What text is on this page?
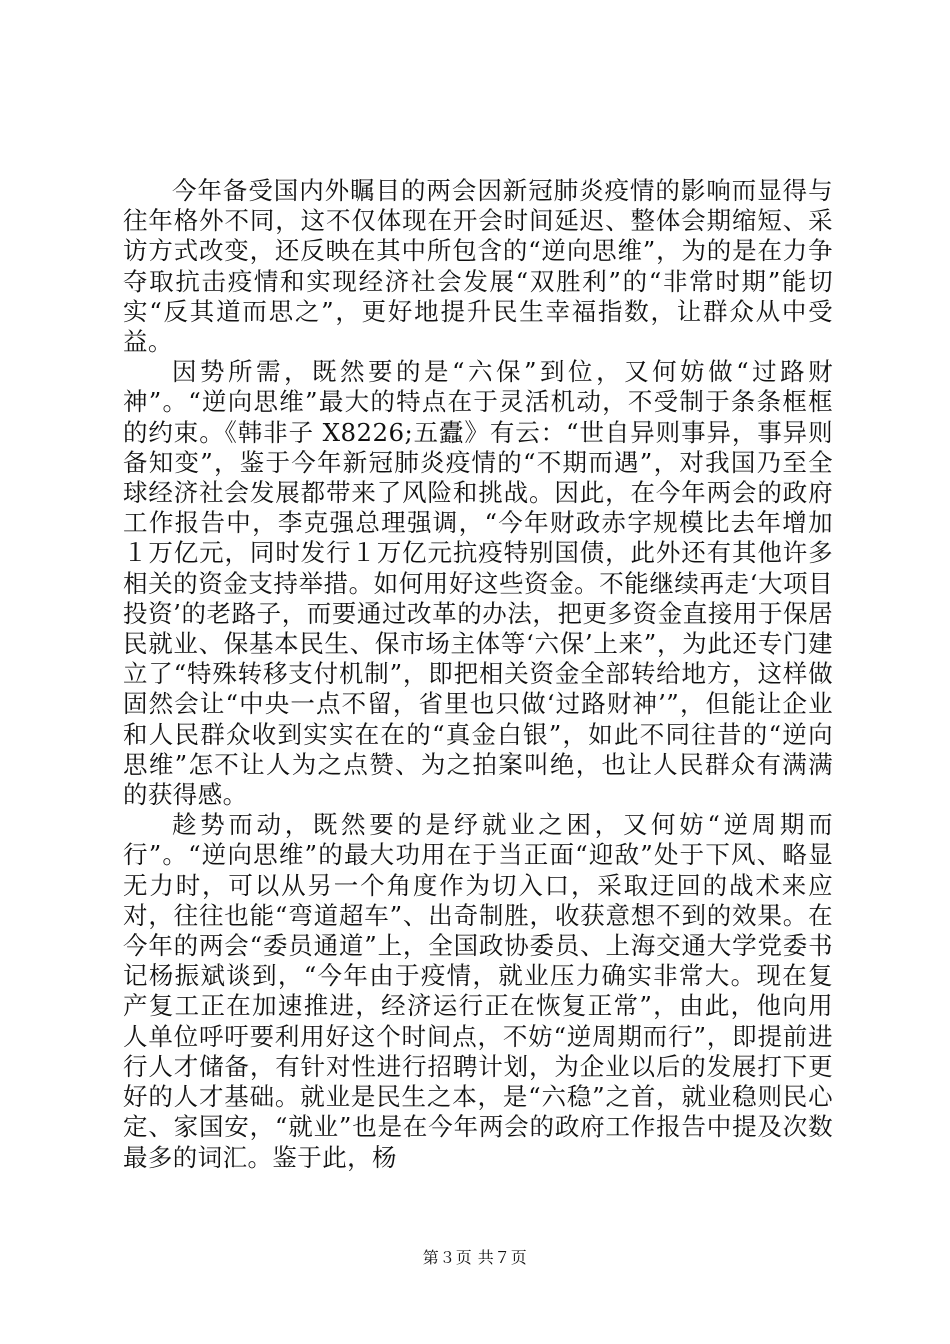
今年备受国内外瞩目的两会因新冠肺炎疫情的影响而显得与往年格外不同，这不仅体现在开会时间延迟、整体会期缩短、采访方式改变，还反映在其中所包含的“逆向思维”，为的是在力争夺取抗击疫情和实现经济社会发展“双胜利”的“非常时期”能切实“反其道而思之”，更好地提升民生幸福指数，让群众从中受益。

因势所需，既然要的是“六保”到位，又何妨做“过路财神”。“逆向思维”最大的特点在于灵活机动，不受制于条条框框的约束。《韩非子 X8226;五蠹》有云：“世自异则事异，事异则备知变”，鉴于今年新冠肺炎疫情的“不期而遇”，对我国乃至全球经济社会发展都带来了风险和挑战。因此，在今年两会的政府工作报告中，李克强总理强调，“今年财政赤字规模比去年增加１万亿元，同时发行１万亿元抗疫特别国债，此外还有其他许多相关的资金支持举措。如何用好这些资金。不能继续再走‘大项目投资’的老路子，而要通过改革的办法，把更多资金直接用于保居民就业、保基本民生、保市场主体等‘六保’上来”，为此还专门建立了“特殊转移支付机制”，即把相关资金全部转给地方，这样做固然会让“中央一点不留，省里也只做‘过路财神’”，但能让企业和人民群众收到实实在在的“真金白银”，如此不同往昔的“逆向思维”怎不让人为之点赞、为之拍案叫绝，也让人民群众有满满的获得感。

趁势而动，既然要的是纾就业之困，又何妨“逆周期而行”。“逆向思维”的最大功用在于当正面“迎敌”处于下风、略显无力时，可以从另一个角度作为切入口，采取迂回的战术来应对，往往也能“弯道超车”、出奇制胜，收获意想不到的效果。在今年的两会“委员通道”上，全国政协委员、上海交通大学党委书记杨振斌谈到，“今年由于疫情，就业压力确实非常大。现在复产复工正在加速推进，经济运行正在恢复正常”，由此，他向用人单位呼吁要利用好这个时间点，不妨“逆周期而行”，即提前进行人才储备，有针对性进行招聘计划，为企业以后的发展打下更好的人才基础。就业是民生之本，是“六稳”之首，就业稳则民心定、家国安，“就业”也是在今年两会的政府工作报告中提及次数最多的词汇。鉴于此，杨

第３页 共７页
